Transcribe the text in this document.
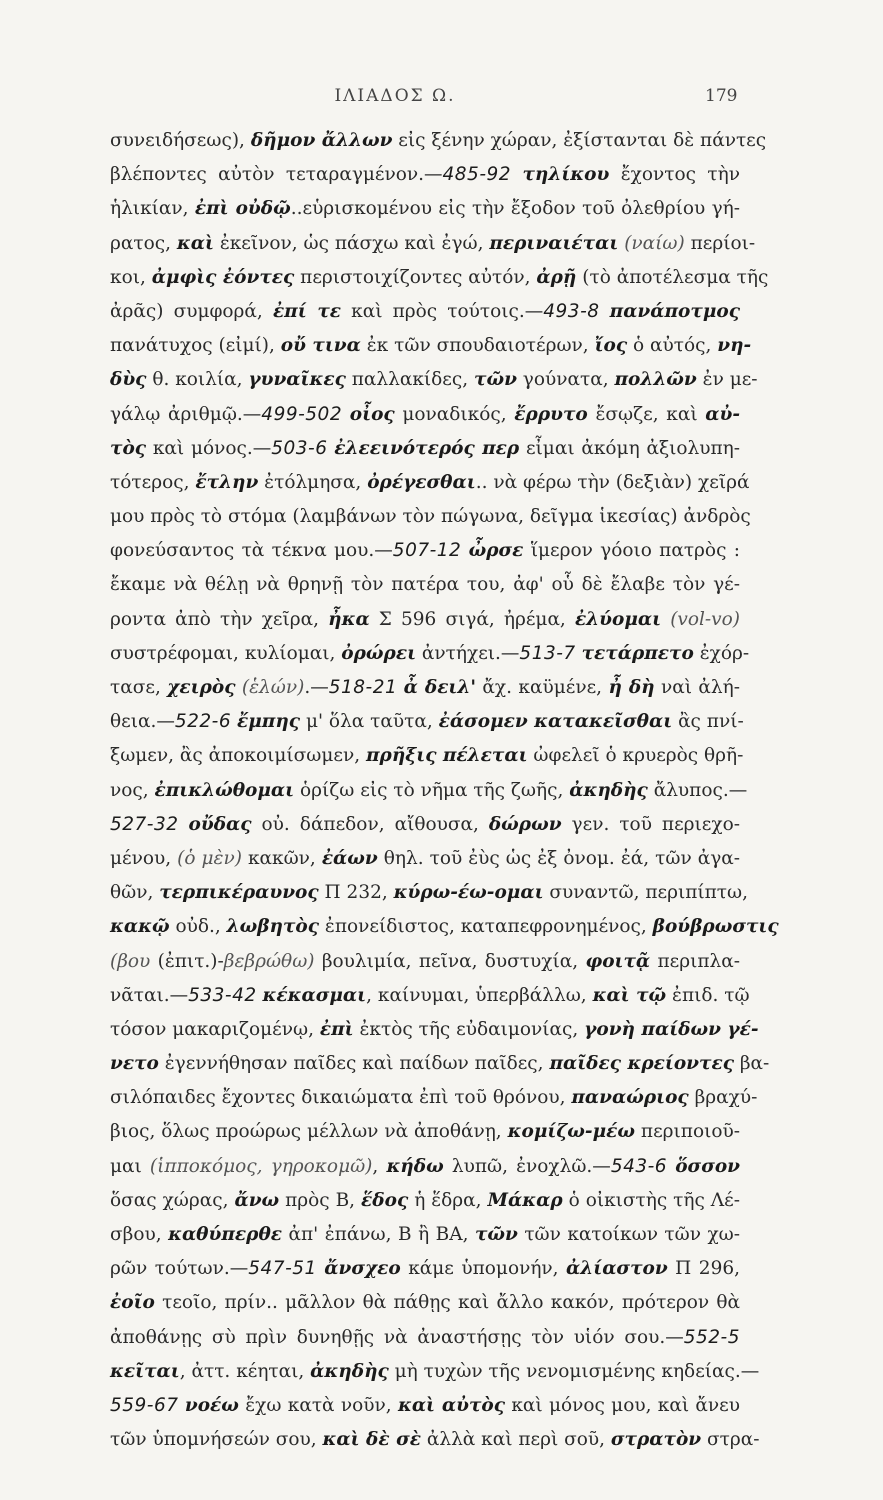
ΙΛΙΑΔΟΣ Ω.	179
συνειδήσεως), δῆμον ἄλλων εἰς ξένην χώραν, ἐξίστανται δὲ πάντες
βλέποντες αὐτὸν τεταραγμένον.—485-92 τηλίκου ἔχοντος τὴν
ἡλικίαν, ἐπὶ οὐδῷ..εὑρισκομένου εἰς τὴν ἔξοδον τοῦ ὀλεθρίου γή-
ρατος, καὶ ἐκεῖνον, ὡς πάσχω καὶ ἐγώ, περιναιέται (ναίω) περίοι-
κοι, ἀμφὶς ἐόντες περιστοιχίζοντες αὐτόν, ἀρῇ (τὸ ἀποτέλεσμα τῆς
ἀρᾶς) συμφορά, ἐπί τε καὶ πρὸς τούτοις.—493-8 πανάποτμος
πανάτυχος (εἰμί), οὔ τινα ἐκ τῶν σπουδαιοτέρων, ἴος ὁ αὐτός, νη-
δὺς θ. κοιλία, γυναῖκες παλλακίδες, τῶν γούνατα, πολλῶν ἐν με-
γάλῳ ἀριθμῷ.—499-502 οἶος μοναδικός, ἔρρυτο ἔσῳζε, καὶ αὐ-
τὸς καὶ μόνος.—503-6 ἐλεεινότερός περ εἶμαι ἀκόμη ἀξιολυπη-
τότερος, ἔτλην ἐτόλμησα, ὀρέγεσθαι.. νὰ φέρω τὴν (δεξιὰν) χεῖρά
μου πρὸς τὸ στόμα (λαμβάνων τὸν πώγωνα, δεῖγμα ἱκεσίας) ἀνδρὸς
φονεύσαντος τὰ τέκνα μου.—507-12 ὦρσε ἵμερον γόοιο πατρὸς :
ἔκαμε νὰ θέλῃ νὰ θρηνῇ τὸν πατέρα του, ἀφ' οὗ δὲ ἔλαβε τὸν γέ-
ροντα ἀπὸ τὴν χεῖρα, ἦκα Σ 596 σιγά, ἠρέμα, ἐλύομαι (vol-vo)
συστρέφομαι, κυλίομαι, ὀρώρει ἀντήχει.—513-7 τετάρπετο ἐχόρ-
τασε, χειρὸς (ἑλών).—518-21 ἆ δειλ' ἄχ. καϋμένε, ἦ δὴ ναὶ ἀλή-
θεια.—522-6 ἔμπης μ' ὅλα ταῦτα, ἐάσομεν κατακεῖσθαι ἂς πνί-
ξωμεν, ἂς ἀποκοιμίσωμεν, πρῆξις πέλεται ὠφελεῖ ὁ κρυερὸς θρῆ-
νος, ἐπικλώθομαι ὁρίζω εἰς τὸ νῆμα τῆς ζωῆς, ἀκηδὴς ἄλυπος.—
527-32 οὔδας οὐ. δάπεδον, αἴθουσα, δώρων γεν. τοῦ περιεχο-
μένου, (ὁ μὲν) κακῶν, ἐάων θηλ. τοῦ ἐὺς ὡς ἐξ ὀνομ. ἐά, τῶν ἀγα-
θῶν, τερπικέραυνος Π 232, κύρω-έω-ομαι συναντῶ, περιπίπτω,
κακῷ οὐδ., λωβητὸς ἐπονείδιστος, καταπεφρονημένος, βούβρωστις
(βου (ἐπιτ.)-βεβρώθω) βουλιμία, πεῖνα, δυστυχία, φοιτᾷ περιπλα-
νᾶται.—533-42 κέκασμαι, καίνυμαι, ὑπερβάλλω, καὶ τῷ ἐπιδ. τῷ
τόσον μακαριζομένῳ, ἐπὶ ἐκτὸς τῆς εὐδαιμονίας, γονὴ παίδων γέ-
νετο ἐγεννήθησαν παῖδες καὶ παίδων παῖδες, παῖδες κρείοντες βα-
σιλόπαιδες ἔχοντες δικαιώματα ἐπὶ τοῦ θρόνου, παναώριος βραχύ-
βιος, ὅλως προώρως μέλλων νὰ ἀποθάνῃ, κομίζω-μέω περιποιοῦ-
μαι (ἱπποκόμος, γηροκομῶ), κήδω λυπῶ, ἐνοχλῶ.—543-6 ὅσσον
ὅσας χώρας, ἄνω πρὸς Β, ἕδος ἡ ἕδρα, Μάκαρ ὁ οἰκιστὴς τῆς Λέ-
σβου, καθύπερθε ἀπ' ἐπάνω, Β ἢ ΒΑ, τῶν τῶν κατοίκων τῶν χω-
ρῶν τούτων.—547-51 ἄνσχεο κάμε ὑπομονήν, ἀλίαστον Π 296,
ἐοῖο τεοῖο, πρίν.. μᾶλλον θὰ πάθῃς καὶ ἄλλο κακόν, πρότερον θὰ
ἀποθάνῃς σὺ πρὶν δυνηθῇς νὰ ἀναστήσῃς τὸν υἱόν σου.—552-5
κεῖται, ἀττ. κέηται, ἀκηδὴς μὴ τυχὼν τῆς νενομισμένης κηδείας.—
559-67 νοέω ἔχω κατὰ νοῦν, καὶ αὐτὸς καὶ μόνος μου, καὶ ἄνευ
τῶν ὑπομνήσεών σου, καὶ δὲ σὲ ἀλλὰ καὶ περὶ σοῦ, στρατὸν στρα-
